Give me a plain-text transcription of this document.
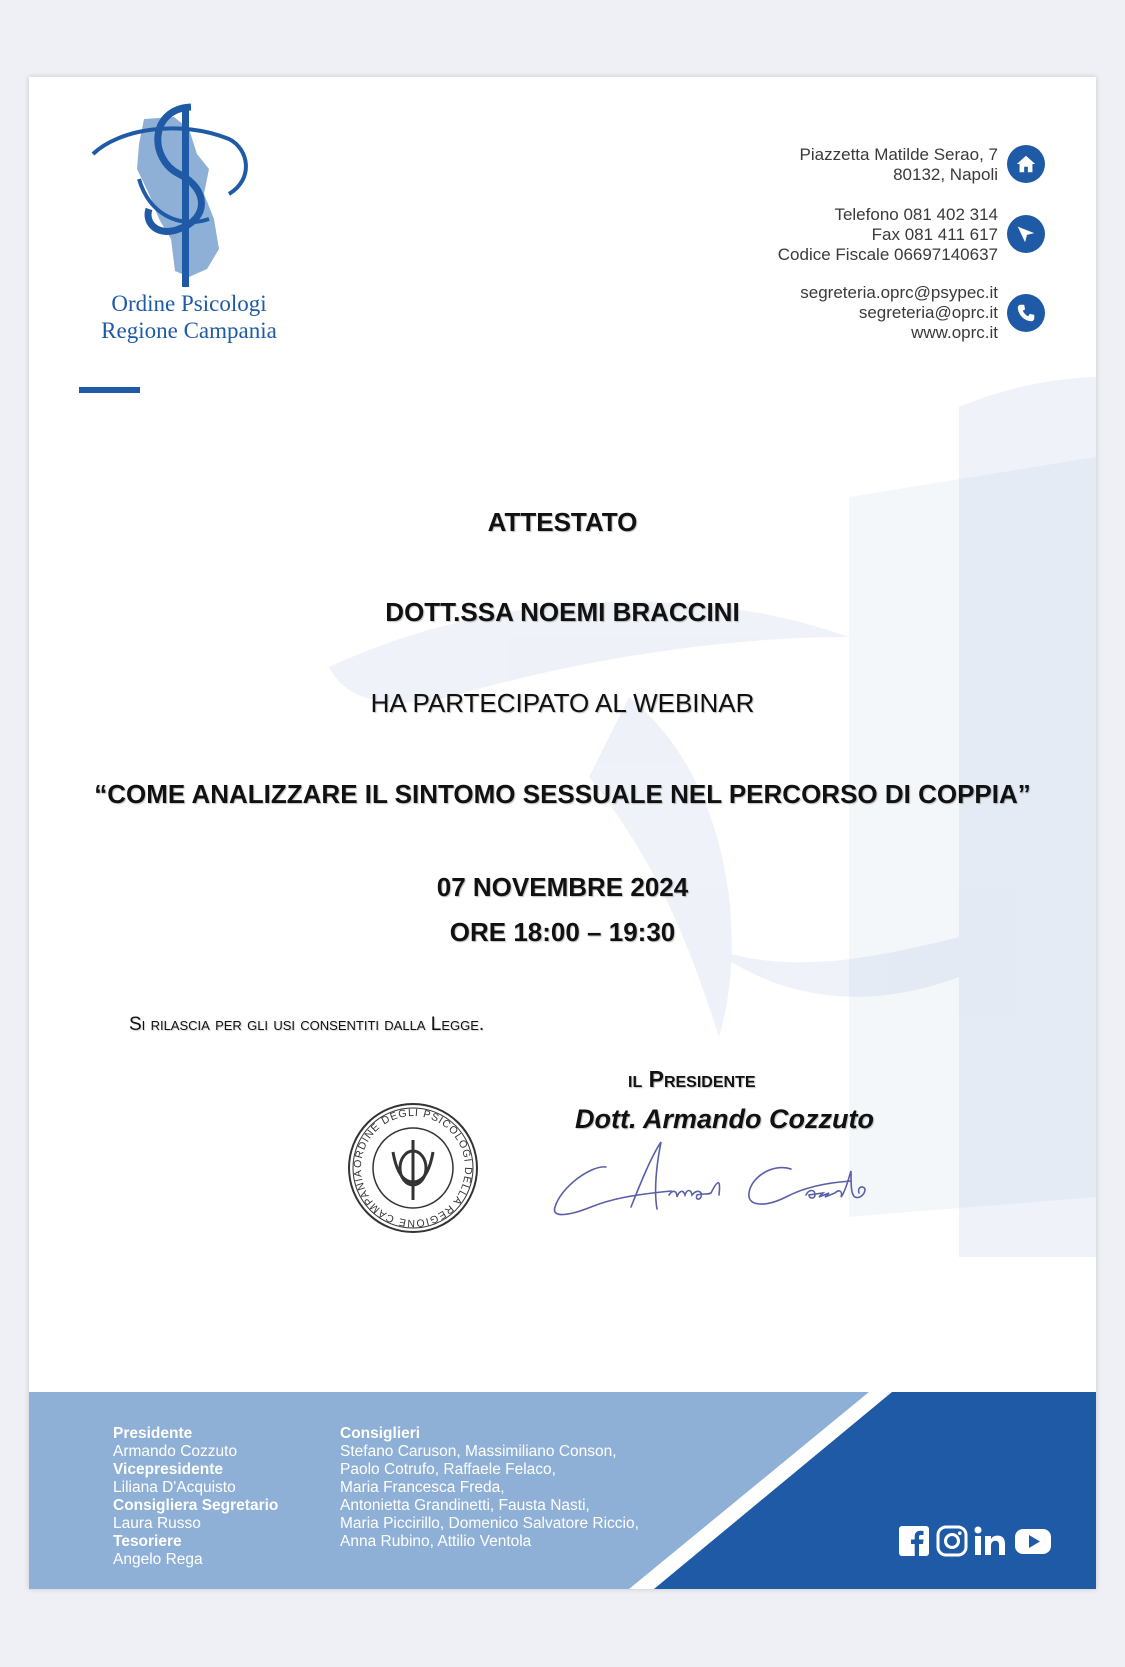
Ordine Psicologi
Regione Campania
Piazzetta Matilde Serao, 7
80132, Napoli
Telefono 081 402 314
Fax 081 411 617
Codice Fiscale 06697140637
segreteria.oprc@psypec.it
segreteria@oprc.it
www.oprc.it
ATTESTATO
DOTT.SSA NOEMI BRACCINI
HA PARTECIPATO AL WEBINAR
“COME ANALIZZARE IL SINTOMO SESSUALE NEL PERCORSO DI COPPIA”
07 NOVEMBRE 2024
ORE 18:00 – 19:30
Si rilascia per gli usi consentiti dalla Legge.
il Presidente
Dott. Armando Cozzuto
ORDINE DEGLI PSICOLOGI DELLA REGIONE CAMPANIA
Presidente
Armando Cozzuto
Vicepresidente
Liliana D'Acquisto
Consigliera Segretario
Laura Russo
Tesoriere
Angelo Rega
Consiglieri
Stefano Caruson, Massimiliano Conson,
Paolo Cotrufo, Raffaele Felaco,
Maria Francesca Freda,
Antonietta Grandinetti, Fausta Nasti,
Maria Piccirillo, Domenico Salvatore Riccio,
Anna Rubino, Attilio Ventola
